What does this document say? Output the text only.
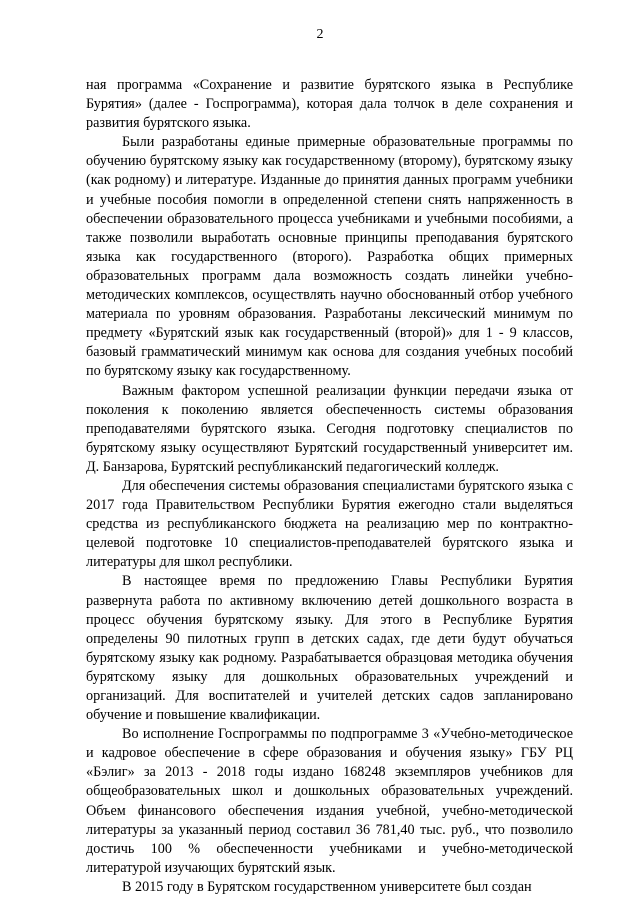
2

ная программа «Сохранение и развитие бурятского языка в Республике Бурятия» (далее - Госпрограмма), которая дала толчок в деле сохранения и развития бурятского языка.

Были разработаны единые примерные образовательные программы по обучению бурятскому языку как государственному (второму), бурятскому языку (как родному) и литературе. Изданные до принятия данных программ учебники и учебные пособия помогли в определенной степени снять напряженность в обеспечении образовательного процесса учебниками и учебными пособиями, а также позволили выработать основные принципы преподавания бурятского языка как государственного (второго). Разработка общих примерных образовательных программ дала возможность создать линейки учебно-методических комплексов, осуществлять научно обоснованный отбор учебного материала по уровням образования. Разработаны лексический минимум по предмету «Бурятский язык как государственный (второй)» для 1 - 9 классов, базовый грамматический минимум как основа для создания учебных пособий по бурятскому языку как государственному.

Важным фактором успешной реализации функции передачи языка от поколения к поколению является обеспеченность системы образования преподавателями бурятского языка. Сегодня подготовку специалистов по бурятскому языку осуществляют Бурятский государственный университет им. Д. Банзарова, Бурятский республиканский педагогический колледж.

Для обеспечения системы образования специалистами бурятского языка с 2017 года Правительством Республики Бурятия ежегодно стали выделяться средства из республиканского бюджета на реализацию мер по контрактно-целевой подготовке 10 специалистов-преподавателей бурятского языка и литературы для школ республики.

В настоящее время по предложению Главы Республики Бурятия развернута работа по активному включению детей дошкольного возраста в процесс обучения бурятскому языку. Для этого в Республике Бурятия определены 90 пилотных групп в детских садах, где дети будут обучаться бурятскому языку как родному. Разрабатывается образцовая методика обучения бурятскому языку для дошкольных образовательных учреждений и организаций. Для воспитателей и учителей детских садов запланировано обучение и повышение квалификации.

Во исполнение Госпрограммы по подпрограмме 3 «Учебно-методическое и кадровое обеспечение в сфере образования и обучения языку» ГБУ РЦ «Бэлиг» за 2013 - 2018 годы издано 168248 экземпляров учебников для общеобразовательных школ и дошкольных образовательных учреждений. Объем финансового обеспечения издания учебной, учебно-методической литературы за указанный период составил 36 781,40 тыс. руб., что позволило достичь 100 % обеспеченности учебниками и учебно-методической литературой изучающих бурятский язык.

В 2015 году в Бурятском государственном университете был создан
